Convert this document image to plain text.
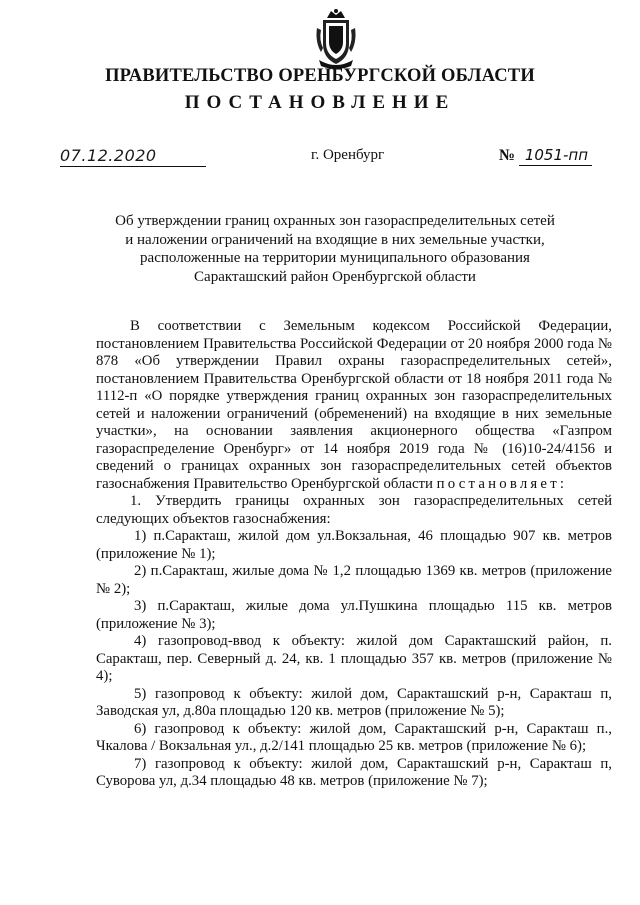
ПРАВИТЕЛЬСТВО ОРЕНБУРГСКОЙ ОБЛАСТИ
ПОСТАНОВЛЕНИЕ
07.12.2020	г. Оренбург	№ 1051-пп
Об утверждении границ охранных зон газораспределительных сетей
и наложении ограничений на входящие в них земельные участки,
расположенные на территории муниципального образования
Саракташский район Оренбургской области

В соответствии с Земельным кодексом Российской Федерации, постановлением Правительства Российской Федерации от 20 ноября 2000 года № 878 «Об утверждении Правил охраны газораспределительных сетей», постановлением Правительства Оренбургской области от 18 ноября 2011 года № 1112-п «О порядке утверждения границ охранных зон газораспределительных сетей и наложении ограничений (обременений) на входящие в них земельные участки», на основании заявления акционерного общества «Газпром газораспределение Оренбург» от 14 ноября 2019 года № (16)10-24/4156 и сведений о границах охранных зон газораспределительных сетей объектов газоснабжения Правительство Оренбургской области постановляет:

1. Утвердить границы охранных зон газораспределительных сетей следующих объектов газоснабжения:

1) п.Саракташ, жилой дом ул.Вокзальная, 46 площадью 907 кв. метров (приложение № 1);

2) п.Саракташ, жилые дома № 1,2 площадью 1369 кв. метров (приложение № 2);

3) п.Саракташ, жилые дома ул.Пушкина площадью 115 кв. метров (приложение № 3);

4) газопровод-ввод к объекту: жилой дом Саракташский район, п. Саракташ, пер. Северный д. 24, кв. 1 площадью 357 кв. метров (приложение № 4);

5) газопровод к объекту: жилой дом, Саракташский р-н, Саракташ п, Заводская ул, д.80а площадью 120 кв. метров (приложение № 5);

6) газопровод к объекту: жилой дом, Саракташский р-н, Саракташ п., Чкалова / Вокзальная ул., д.2/141 площадью 25 кв. метров (приложение № 6);

7) газопровод к объекту: жилой дом, Саракташский р-н, Саракташ п, Суворова ул, д.34 площадью 48 кв. метров (приложение № 7);
